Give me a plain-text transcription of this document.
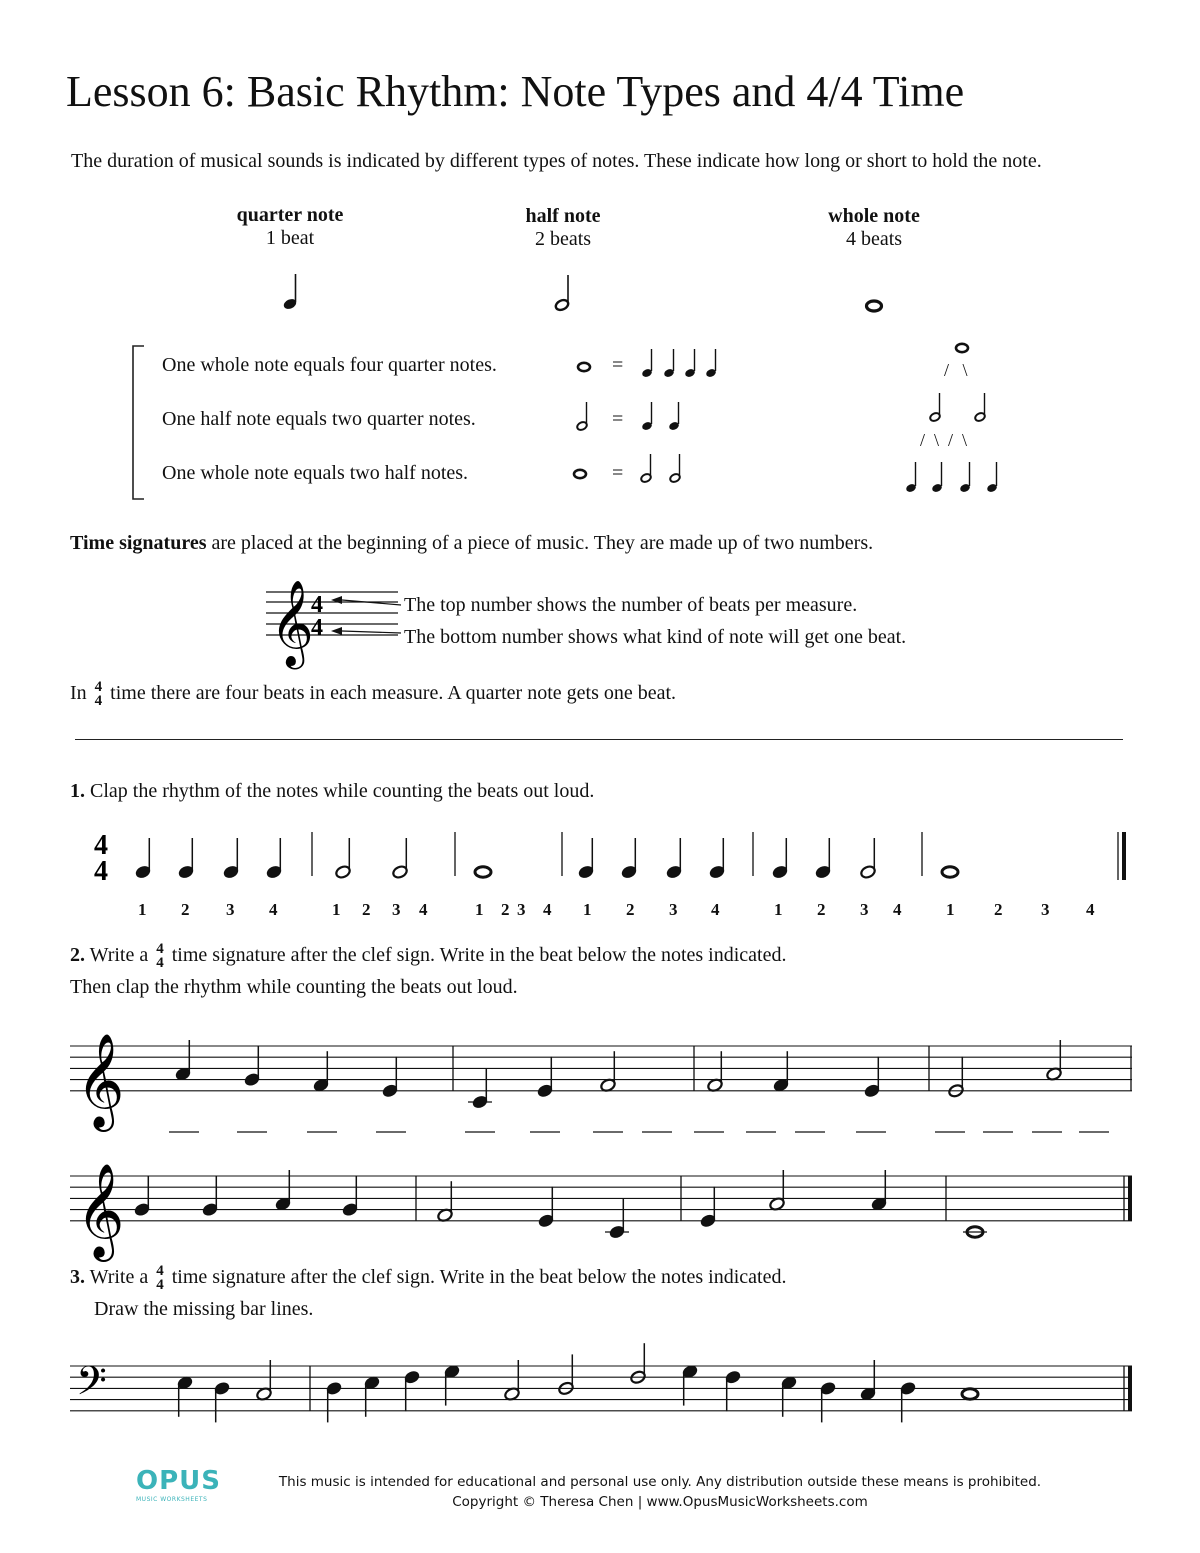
Lesson 6: Basic Rhythm: Note Types and 4/4 Time
The duration of musical sounds is indicated by different types of notes. These indicate how long or short to hold the note.
quarter note
1 beat
half note
2 beats
whole note
4 beats
One whole note equals four quarter notes.
One half note equals two quarter notes.
One whole note equals two half notes.
=
=
=
/   \
/  \  /  \
Time signatures are placed at the beginning of a piece of music. They are made up of two numbers.
𝄞
4
4
The top number shows the number of beats per measure.
The bottom number shows what kind of note will get one beat.
In 4
4 time there are four beats in each measure. A quarter note gets one beat.
1. Clap the rhythm of the notes while counting the beats out loud.
4
4
1 2 3 4	1 2 3 4	1 2 3 4 1 2 3 4	1 2 3 4	1 2 3 4
2. Write a 4
4 time signature after the clef sign. Write in the beat below the notes indicated.
Then clap the rhythm while counting the beats out loud.
𝄞
𝄞
3. Write a 4
4 time signature after the clef sign. Write in the beat below the notes indicated.
Draw the missing bar lines.
𝄢
OPUS
MUSIC WORKSHEETS
This music is intended for educational and personal use only. Any distribution outside these means is prohibited.
Copyright © Theresa Chen | www.OpusMusicWorksheets.com
